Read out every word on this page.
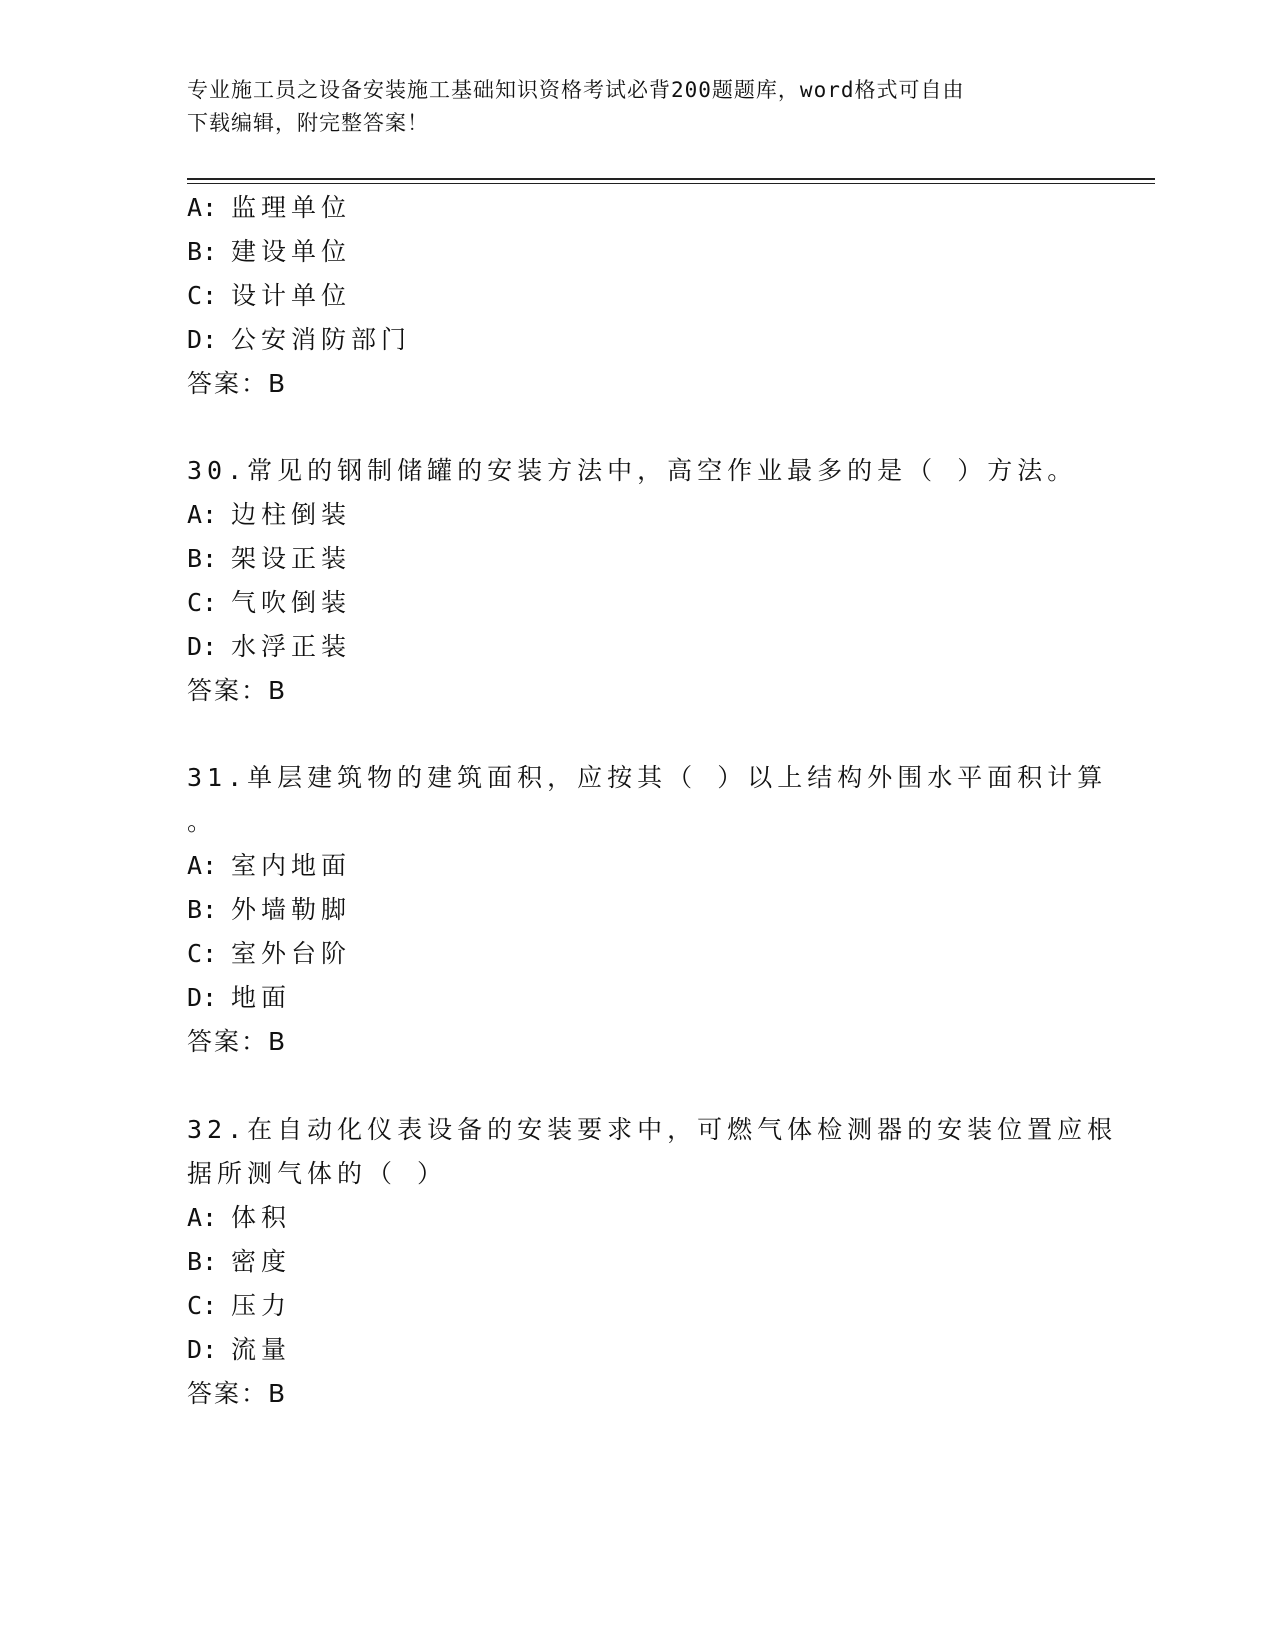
专业施工员之设备安装施工基础知识资格考试必背200题题库，word格式可自由
下载编辑，附完整答案！
A: 监理单位
B: 建设单位
C: 设计单位
D: 公安消防部门
答案：B
30.常见的钢制储罐的安装方法中，高空作业最多的是（ ）方法。
A: 边柱倒装
B: 架设正装
C: 气吹倒装
D: 水浮正装
答案：B
31.单层建筑物的建筑面积，应按其（ ）以上结构外围水平面积计算
。
A: 室内地面
B: 外墙勒脚
C: 室外台阶
D: 地面
答案：B
32.在自动化仪表设备的安装要求中，可燃气体检测器的安装位置应根
据所测气体的（ ）
A: 体积
B: 密度
C: 压力
D: 流量
答案：B
